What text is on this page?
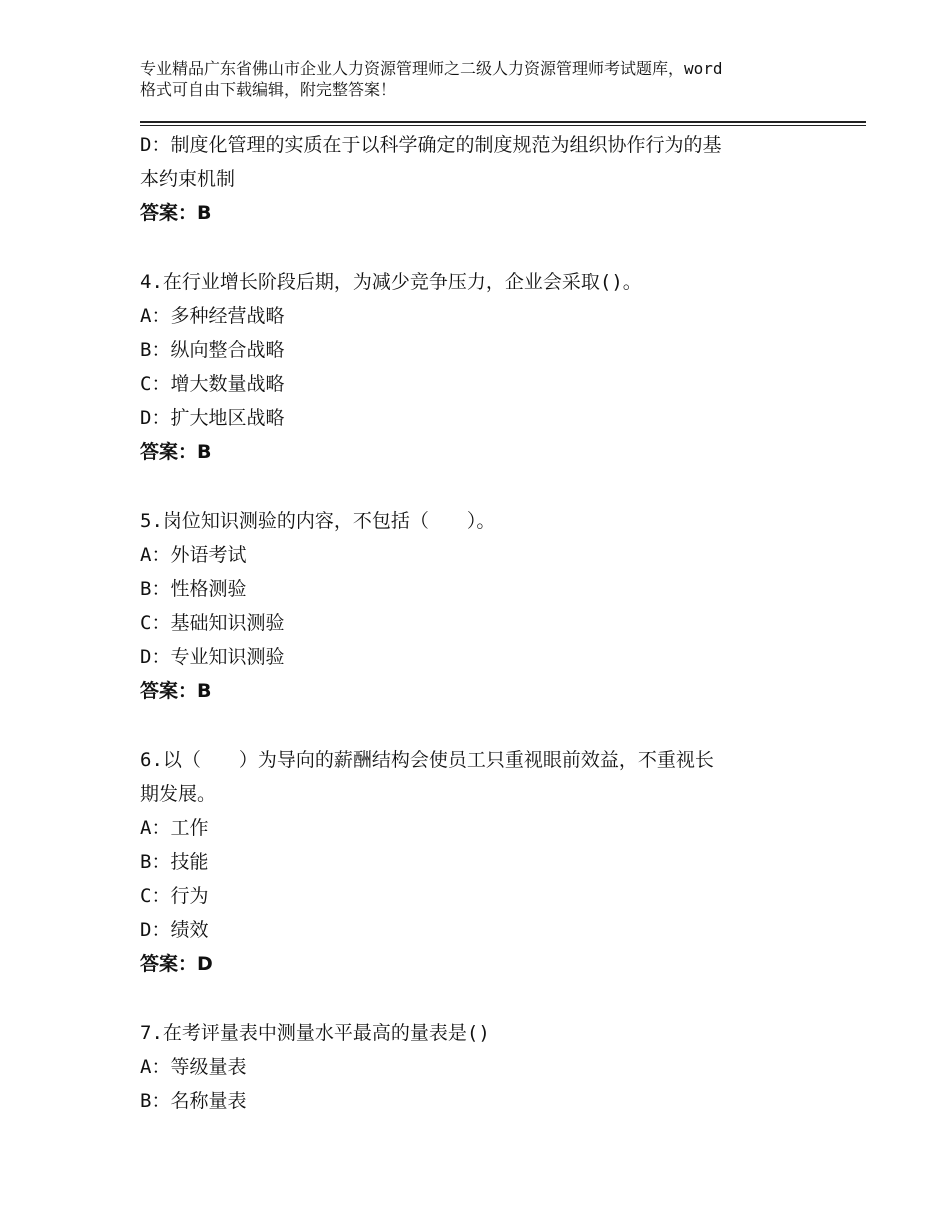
专业精品广东省佛山市企业人力资源管理师之二级人力资源管理师考试题库，word
格式可自由下载编辑，附完整答案！
D：制度化管理的实质在于以科学确定的制度规范为组织协作行为的基
本约束机制
答案：B
4.在行业增长阶段后期，为减少竞争压力，企业会采取()。
A：多种经营战略
B：纵向整合战略
C：增大数量战略
D：扩大地区战略
答案：B
5.岗位知识测验的内容，不包括（　　）。
A：外语考试
B：性格测验
C：基础知识测验
D：专业知识测验
答案：B
6.以（　　）为导向的薪酬结构会使员工只重视眼前效益，不重视长
期发展。
A：工作
B：技能
C：行为
D：绩效
答案：D
7.在考评量表中测量水平最高的量表是()
A：等级量表
B：名称量表
